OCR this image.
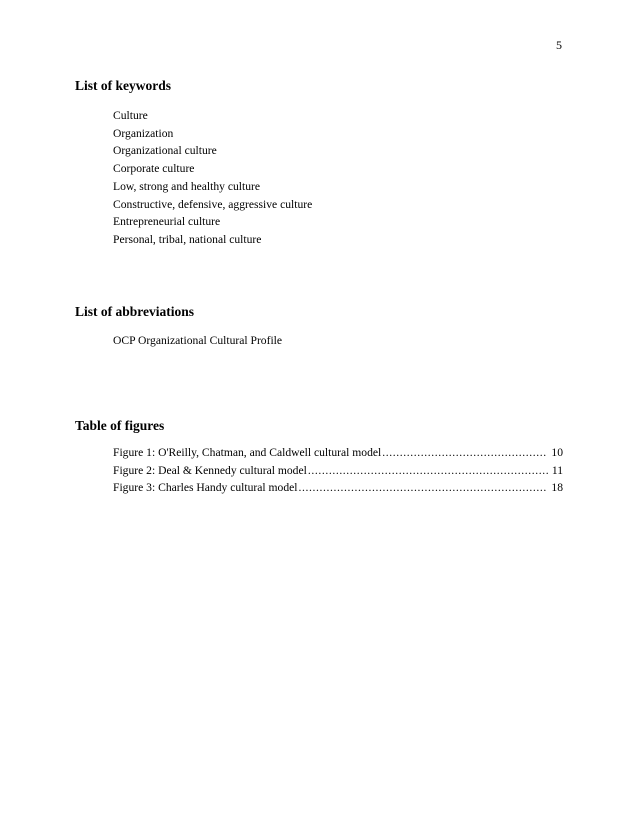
5
List of keywords
Culture
Organization
Organizational culture
Corporate culture
Low, strong and healthy culture
Constructive, defensive, aggressive culture
Entrepreneurial culture
Personal, tribal, national culture
List of abbreviations
OCP Organizational Cultural Profile
Table of figures
Figure 1: O'Reilly, Chatman, and Caldwell cultural model .....	10
Figure 2: Deal & Kennedy cultural model .....	11
Figure 3: Charles Handy cultural model .....	18
